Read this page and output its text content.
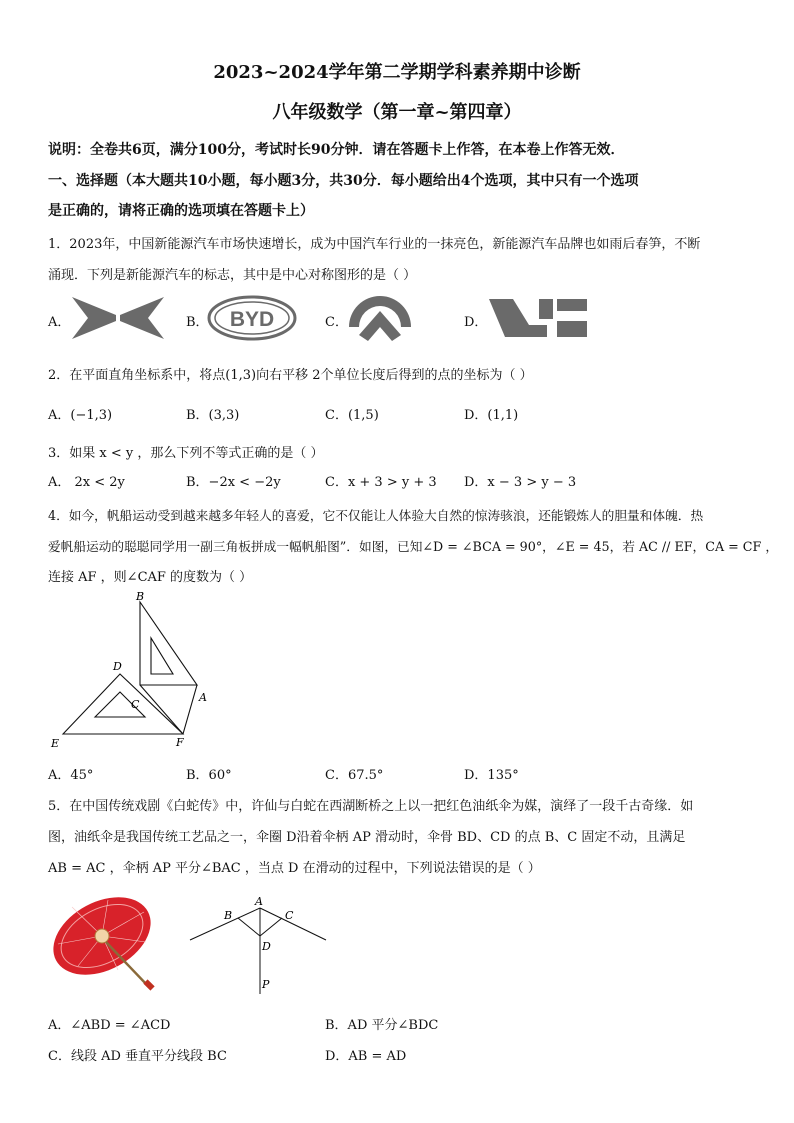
2023~2024学年第二学期学科素养期中诊断
八年级数学（第一章~第四章）
说明：全卷共6页，满分100分，考试时长90分钟．请在答题卡上作答，在本卷上作答无效．
一、选择题（本大题共10小题，每小题3分，共30分．每小题给出4个选项，其中只有一个选项
是正确的，请将正确的选项填在答题卡上）
1．2023年，中国新能源汽车市场快速增长，成为中国汽车行业的一抹亮色，新能源汽车品牌也如雨后春笋，不断
涌现．下列是新能源汽车的标志，其中是中心对称图形的是（ ）
A．	B． BYD	C．	D．
2．在平面直角坐标系中，将点(1,3)向右平移 2个单位长度后得到的点的坐标为（ ）
A．(−1,3)	B．(3,3)	C．(1,5)	D．(1,1)
3．如果 x < y ，那么下列不等式正确的是（ ）
A． 2x < 2y	B．−2x < −2y	C．x + 3 > y + 3 D．x − 3 > y − 3
4．如今，帆船运动受到越来越多年轻人的喜爱，它不仅能让人体验大自然的惊涛骇浪，还能锻炼人的胆量和体魄．热
爱帆船运动的聪聪同学用一副三角板拼成一幅帆船图”．如图，已知∠D = ∠BCA = 90°，∠E = 45，若 AC // EF，CA = CF ，
连接 AF ，则∠CAF 的度数为（ ）
B
D
C
A
E	F
A．45°	B．60°	C．67.5°	D．135°
5．在中国传统戏剧《白蛇传》中，许仙与白蛇在西湖断桥之上以一把红色油纸伞为媒，演绎了一段千古奇缘．如
图，油纸伞是我国传统工艺品之一，伞圈 D沿着伞柄 AP 滑动时，伞骨 BD、CD 的点 B、C 固定不动，且满足
AB = AC ，伞柄 AP 平分∠BAC ，当点 D 在滑动的过程中，下列说法错误的是（ ）
A
B	C
D
P
A．∠ABD = ∠ACD	B．AD 平分∠BDC
C．线段 AD 垂直平分线段 BC	D．AB = AD
